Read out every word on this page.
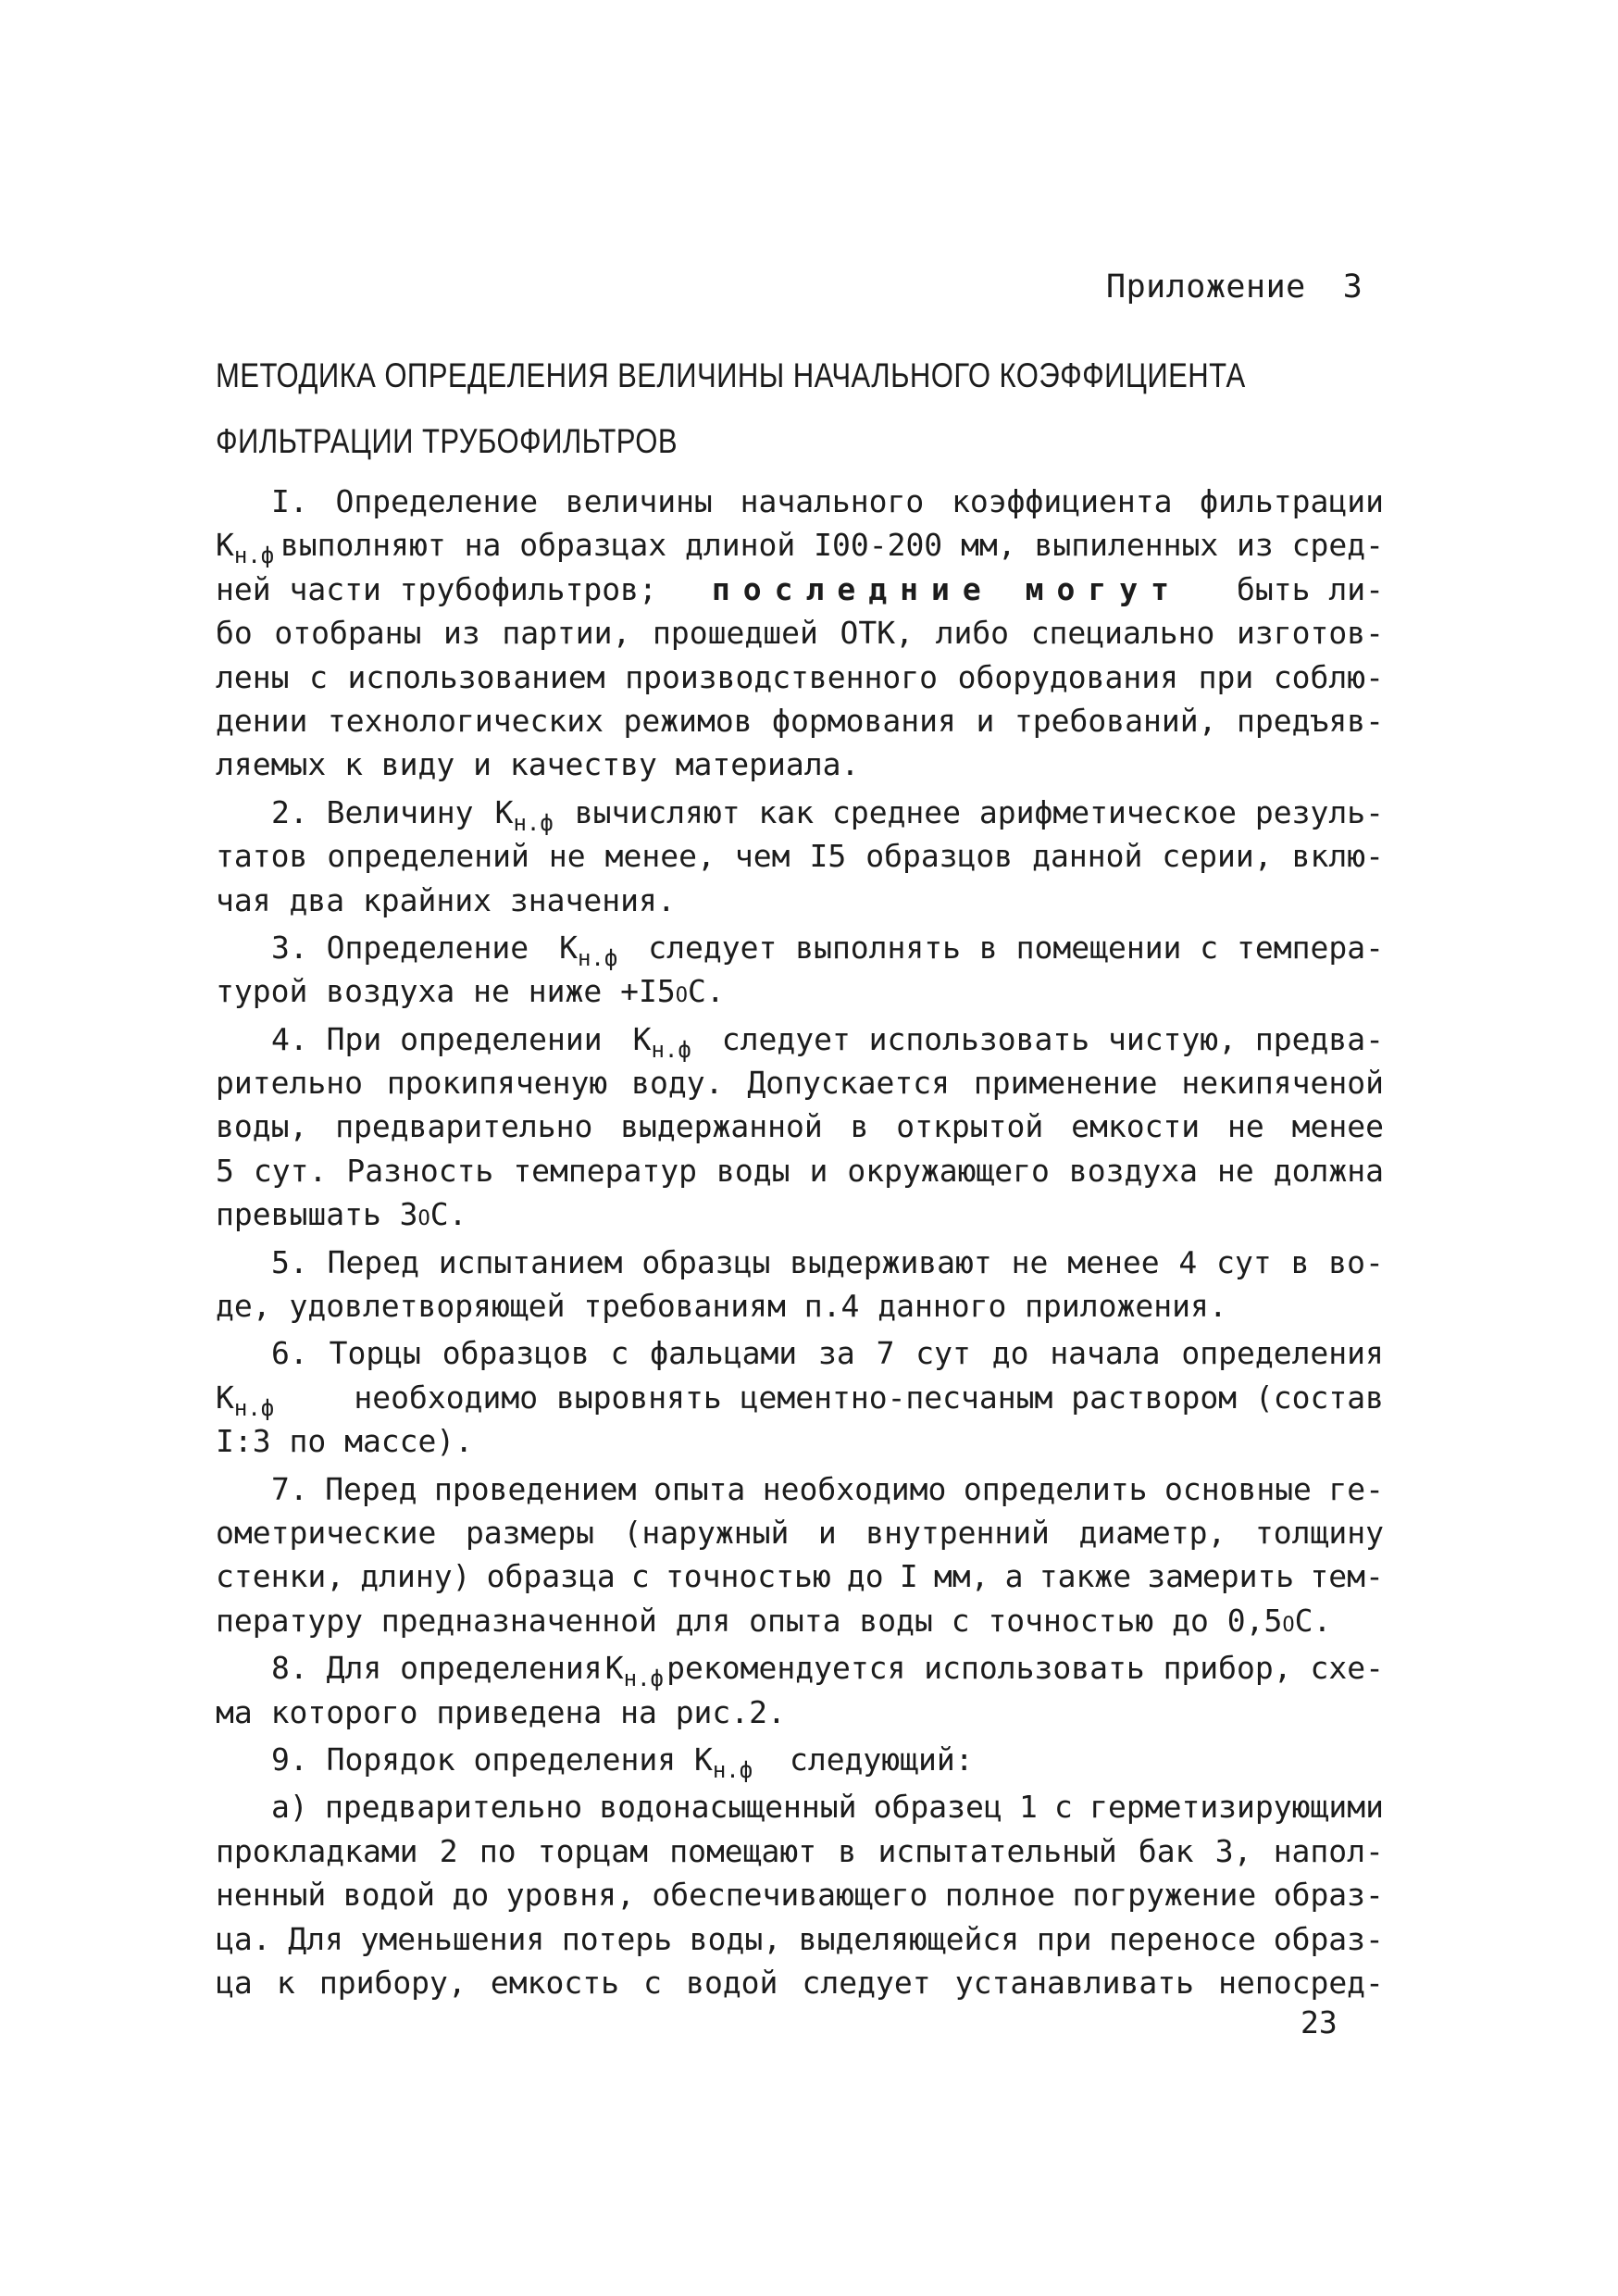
Приложение 3
МЕТОДИКА ОПРЕДЕЛЕНИЯ ВЕЛИЧИНЫ НАЧАЛЬНОГО КОЭФФИЦИЕНТА
ФИЛЬТРАЦИИ ТРУБОФИЛЬТРОВ
I. Определение величины начального коэффициента фильтрации
$К_{н.ф}$ выполняют на образцах длиной I00-200 мм, выпиленных из сред-
ней части трубофильтров; последние могут быть ли-
бо отобраны из партии, прошедшей ОТК, либо специально изготов-
лены с использованием производственного оборудования при соблю-
дении технологических режимов формования и требований, предъяв-
ляемых к виду и качеству материала.
2. Величину $К_{н.ф}$ вычисляют как среднее арифметическое резуль-
татов определений не менее, чем I5 образцов данной серии, вклю-
чая два крайних значения.
3. Определение $К_{н.ф}$ следует выполнять в помещении с темпера-
турой воздуха не ниже +I5 О С.
4. При определении $К_{н.ф}$ следует использовать чистую, предва-
рительно прокипяченую воду. Допускается применение некипяченой
воды, предварительно выдержанной в открытой емкости не менее
5 сут. Разность температур воды и окружающего воздуха не должна
превышать 3 О С.
5. Перед испытанием образцы выдерживают не менее 4 сут в во-
де, удовлетворяющей требованиям п.4 данного приложения.
6. Торцы образцов с фальцами за 7 сут до начала определения
$К_{н.ф}$	необходимо выровнять цементно-песчаным раствором (состав
I:3 по массе).
7. Перед проведением опыта необходимо определить основные ге-
ометрические размеры (наружный и внутренний диаметр, толщину
стенки, длину) образца с точностью до I мм, а также замерить тем-
пературу предназначенной для опыта воды с точностью до 0,5 О С.
8. Для определения $К_{н.ф}$ рекомендуется использовать прибор, схе-
ма которого приведена на рис.2.
9. Порядок определения
$К_{н.ф}$
следующий:
а) предварительно водонасыщенный образец 1 с герметизирующими
прокладками 2 по торцам помещают в испытательный бак 3, напол-
ненный водой до уровня, обеспечивающего полное погружение образ-
ца. Для уменьшения потерь воды, выделяющейся при переносе образ-
ца к прибору, емкость с водой следует устанавливать непосред-
23
